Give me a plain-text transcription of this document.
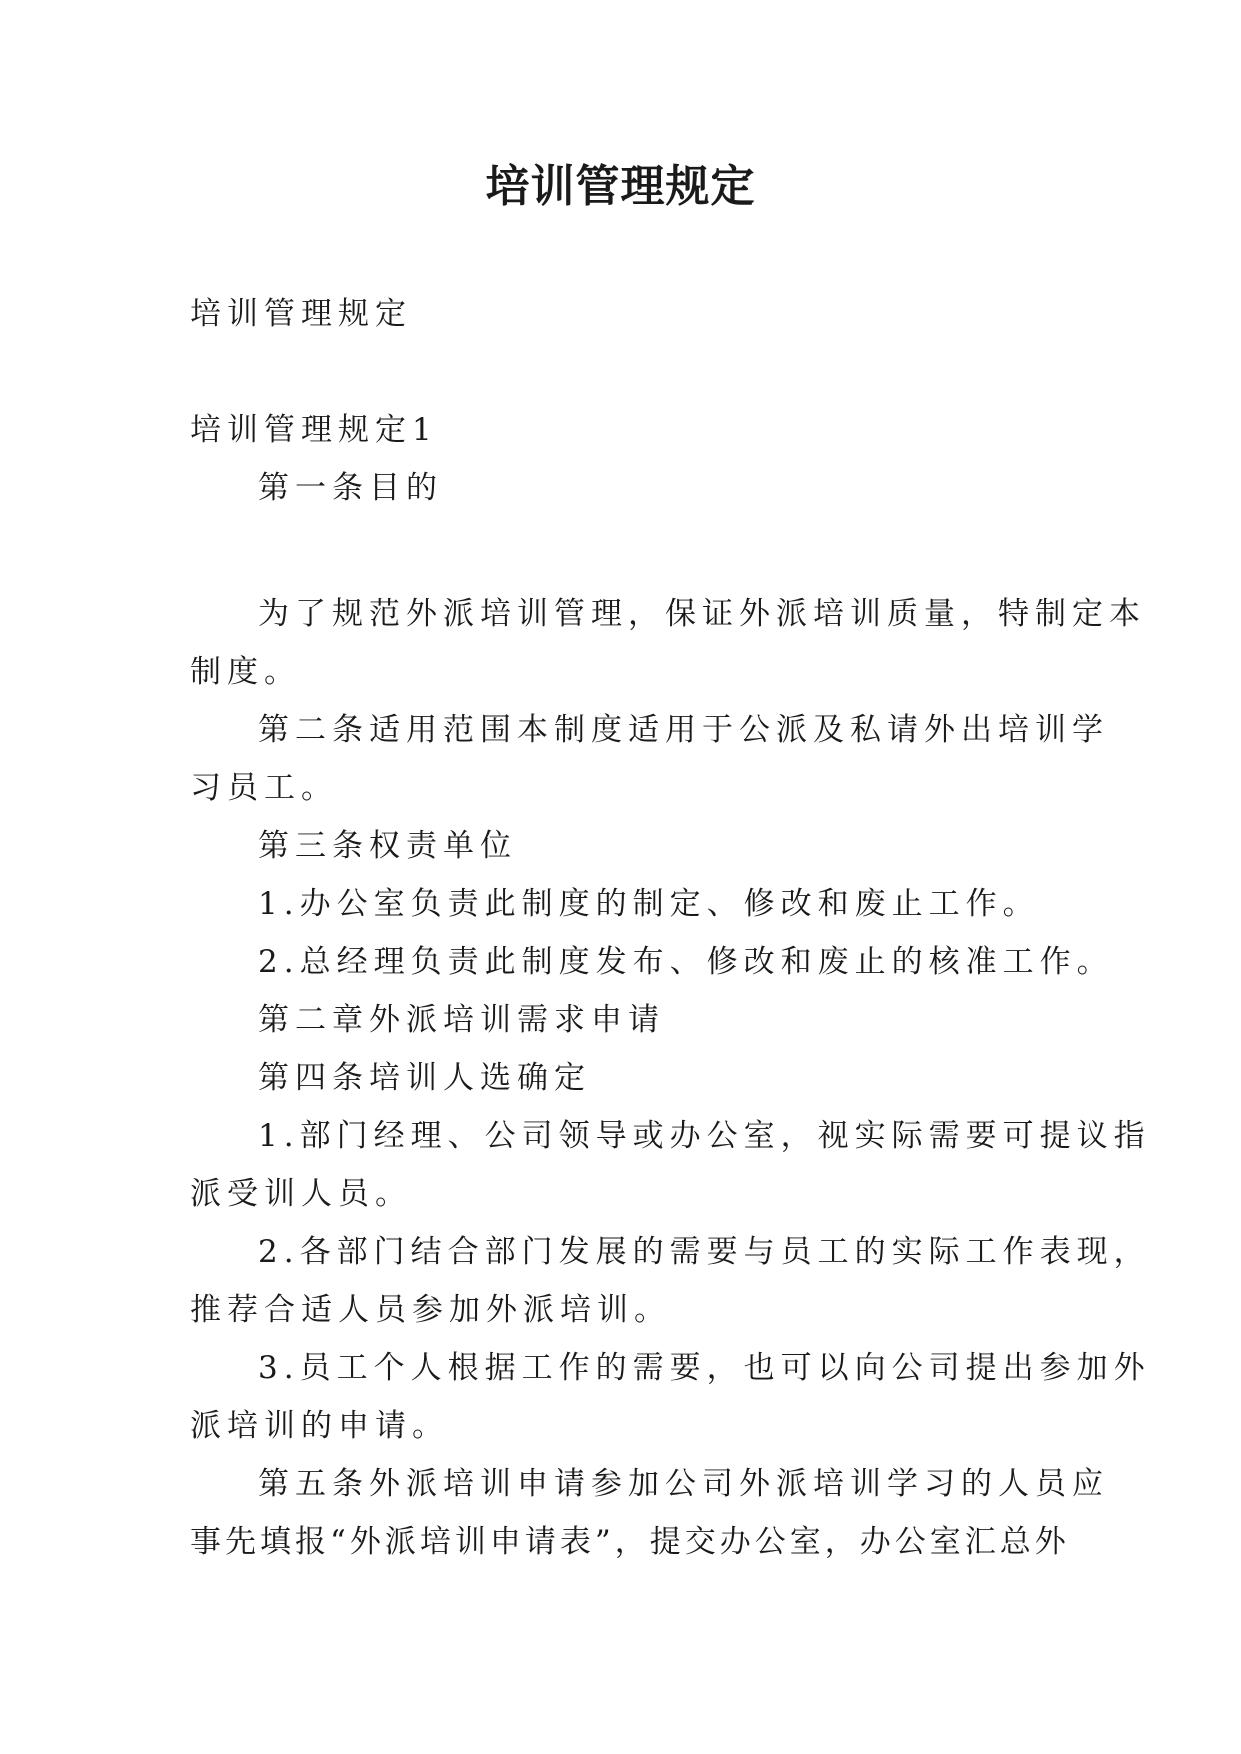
培训管理规定

培训管理规定

培训管理规定1

第一条目的

为了规范外派培训管理，保证外派培训质量，特制定本

制度。

第二条适用范围本制度适用于公派及私请外出培训学

习员工。

第三条权责单位

1.办公室负责此制度的制定、修改和废止工作。

2.总经理负责此制度发布、修改和废止的核准工作。

第二章外派培训需求申请

第四条培训人选确定

1.部门经理、公司领导或办公室，视实际需要可提议指

派受训人员。

2.各部门结合部门发展的需要与员工的实际工作表现，

推荐合适人员参加外派培训。

3.员工个人根据工作的需要，也可以向公司提出参加外

派培训的申请。

第五条外派培训申请参加公司外派培训学习的人员应

事先填报“外派培训申请表”，提交办公室，办公室汇总外
